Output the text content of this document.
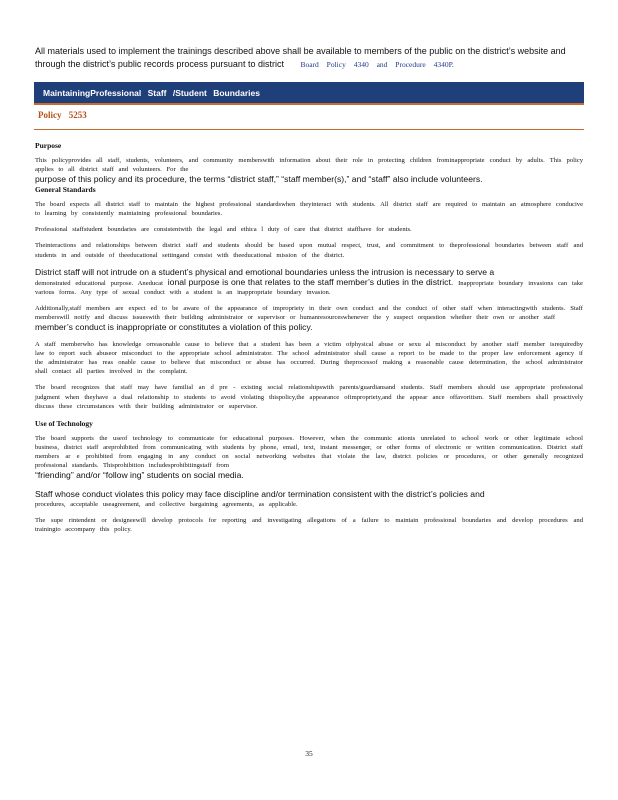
All materials used to implement the trainings described above shall be available to members of the public on the district’s website and through the district’s public records process pursuant to district Board Policy 4340 and Procedure 4340P.
MaintainingProfessional Staff /Student Boundaries
Policy 5253
Purpose
This policyprovides all staff, students, volunteers, and community memberswith information about their role in protecting children frominappropriate conduct by adults. This policy applies to all district staff and volunteers. For the
purpose of this policy and its procedure, the terms “district staff,” “staff member(s),” and “staff” also include volunteers.
General Standards
The board expects all district staff to maintain the highest professional standardswhen theyinteract with students. All district staff are required to maintain an atmosphere conducive to learning by consistently maintaining professional boundaries.
Professional staffstudent boundaries are consistentwith the legal and ethica l duty of care that district staffhave for students.
Theinteractions and relationships between district staff and students should be based upon mutual respect, trust, and commitment to theprofessional boundaries between staff and students in and outside of theeducational settingand consist with theeducational mission of the district.
District staff will not intrude on a student’s physical and emotional boundaries unless the intrusion is necessary to serve a
demonstrated educational purpose. Aneducat ional purpose is one that relates to the staff member’s duties in the district. Inappropriate boundary invasions can take various forms. Any type of sexual conduct with a student is an inappropriate boundary invasion.
Additionally,staff members are expect ed to be aware of the appearance of impropriety in their own conduct and the conduct of other staff when interactingwith students. Staff memberswill notify and discuss issueswith their building administrator or supervisor or humanresourceswhenever the y suspect orquestion whether their own or another staff
member’s conduct is inappropriate or constitutes a violation of this policy.
A staff memberwho has knowledge orreasonable cause to believe that a student has been a victim ofphysical abuse or sexu al misconduct by another staff member isrequiredby law to report such abuseor misconduct to the appropriate school administrator. The school administrator shall cause a report to be made to the proper law enforcement agency if the administrator has reas onable cause to believe that misconduct or abuse has occurred. During theprocessof making a reasonable cause determination, the school administrator shall contact all parties involved in the complaint.
The board recognizes that staff may have familial an d pre - existing social relationshipswith parents/guardiansand students. Staff members should use appropriate professional judgment when theyhave a dual relationship to students to avoid violating thispolicy,the appearance ofimpropriety,and the appear ance offavoritism. Staff members shall proactively discuss these circumstances with their building administrator or supervisor.
Use of Technology
The board supports the useof technology to communicate for educational purposes. However, when the communic ationis unrelated to school work or other legitimate school business, district staff areprohibited from communicating with students by phone, email, text, instant messenger, or other forms of electronic or written communication. District staff members ar e prohibited from engaging in any conduct on social networking websites that violate the law, district policies or procedures, or other generally recognized professional standards. Thisprohibition includesprohibitingstaff from
“friending” and/or “follow ing” students on social media.
Staff whose conduct violates this policy may face discipline and/or termination consistent with the district’s policies and
procedures, acceptable useagreement, and collective bargaining agreements, as applicable.
The supe rintendent or designeewill develop protocols for reporting and investigating allegations of a failure to maintain professional boundaries and develop procedures and trainingto accompany this policy.
35
